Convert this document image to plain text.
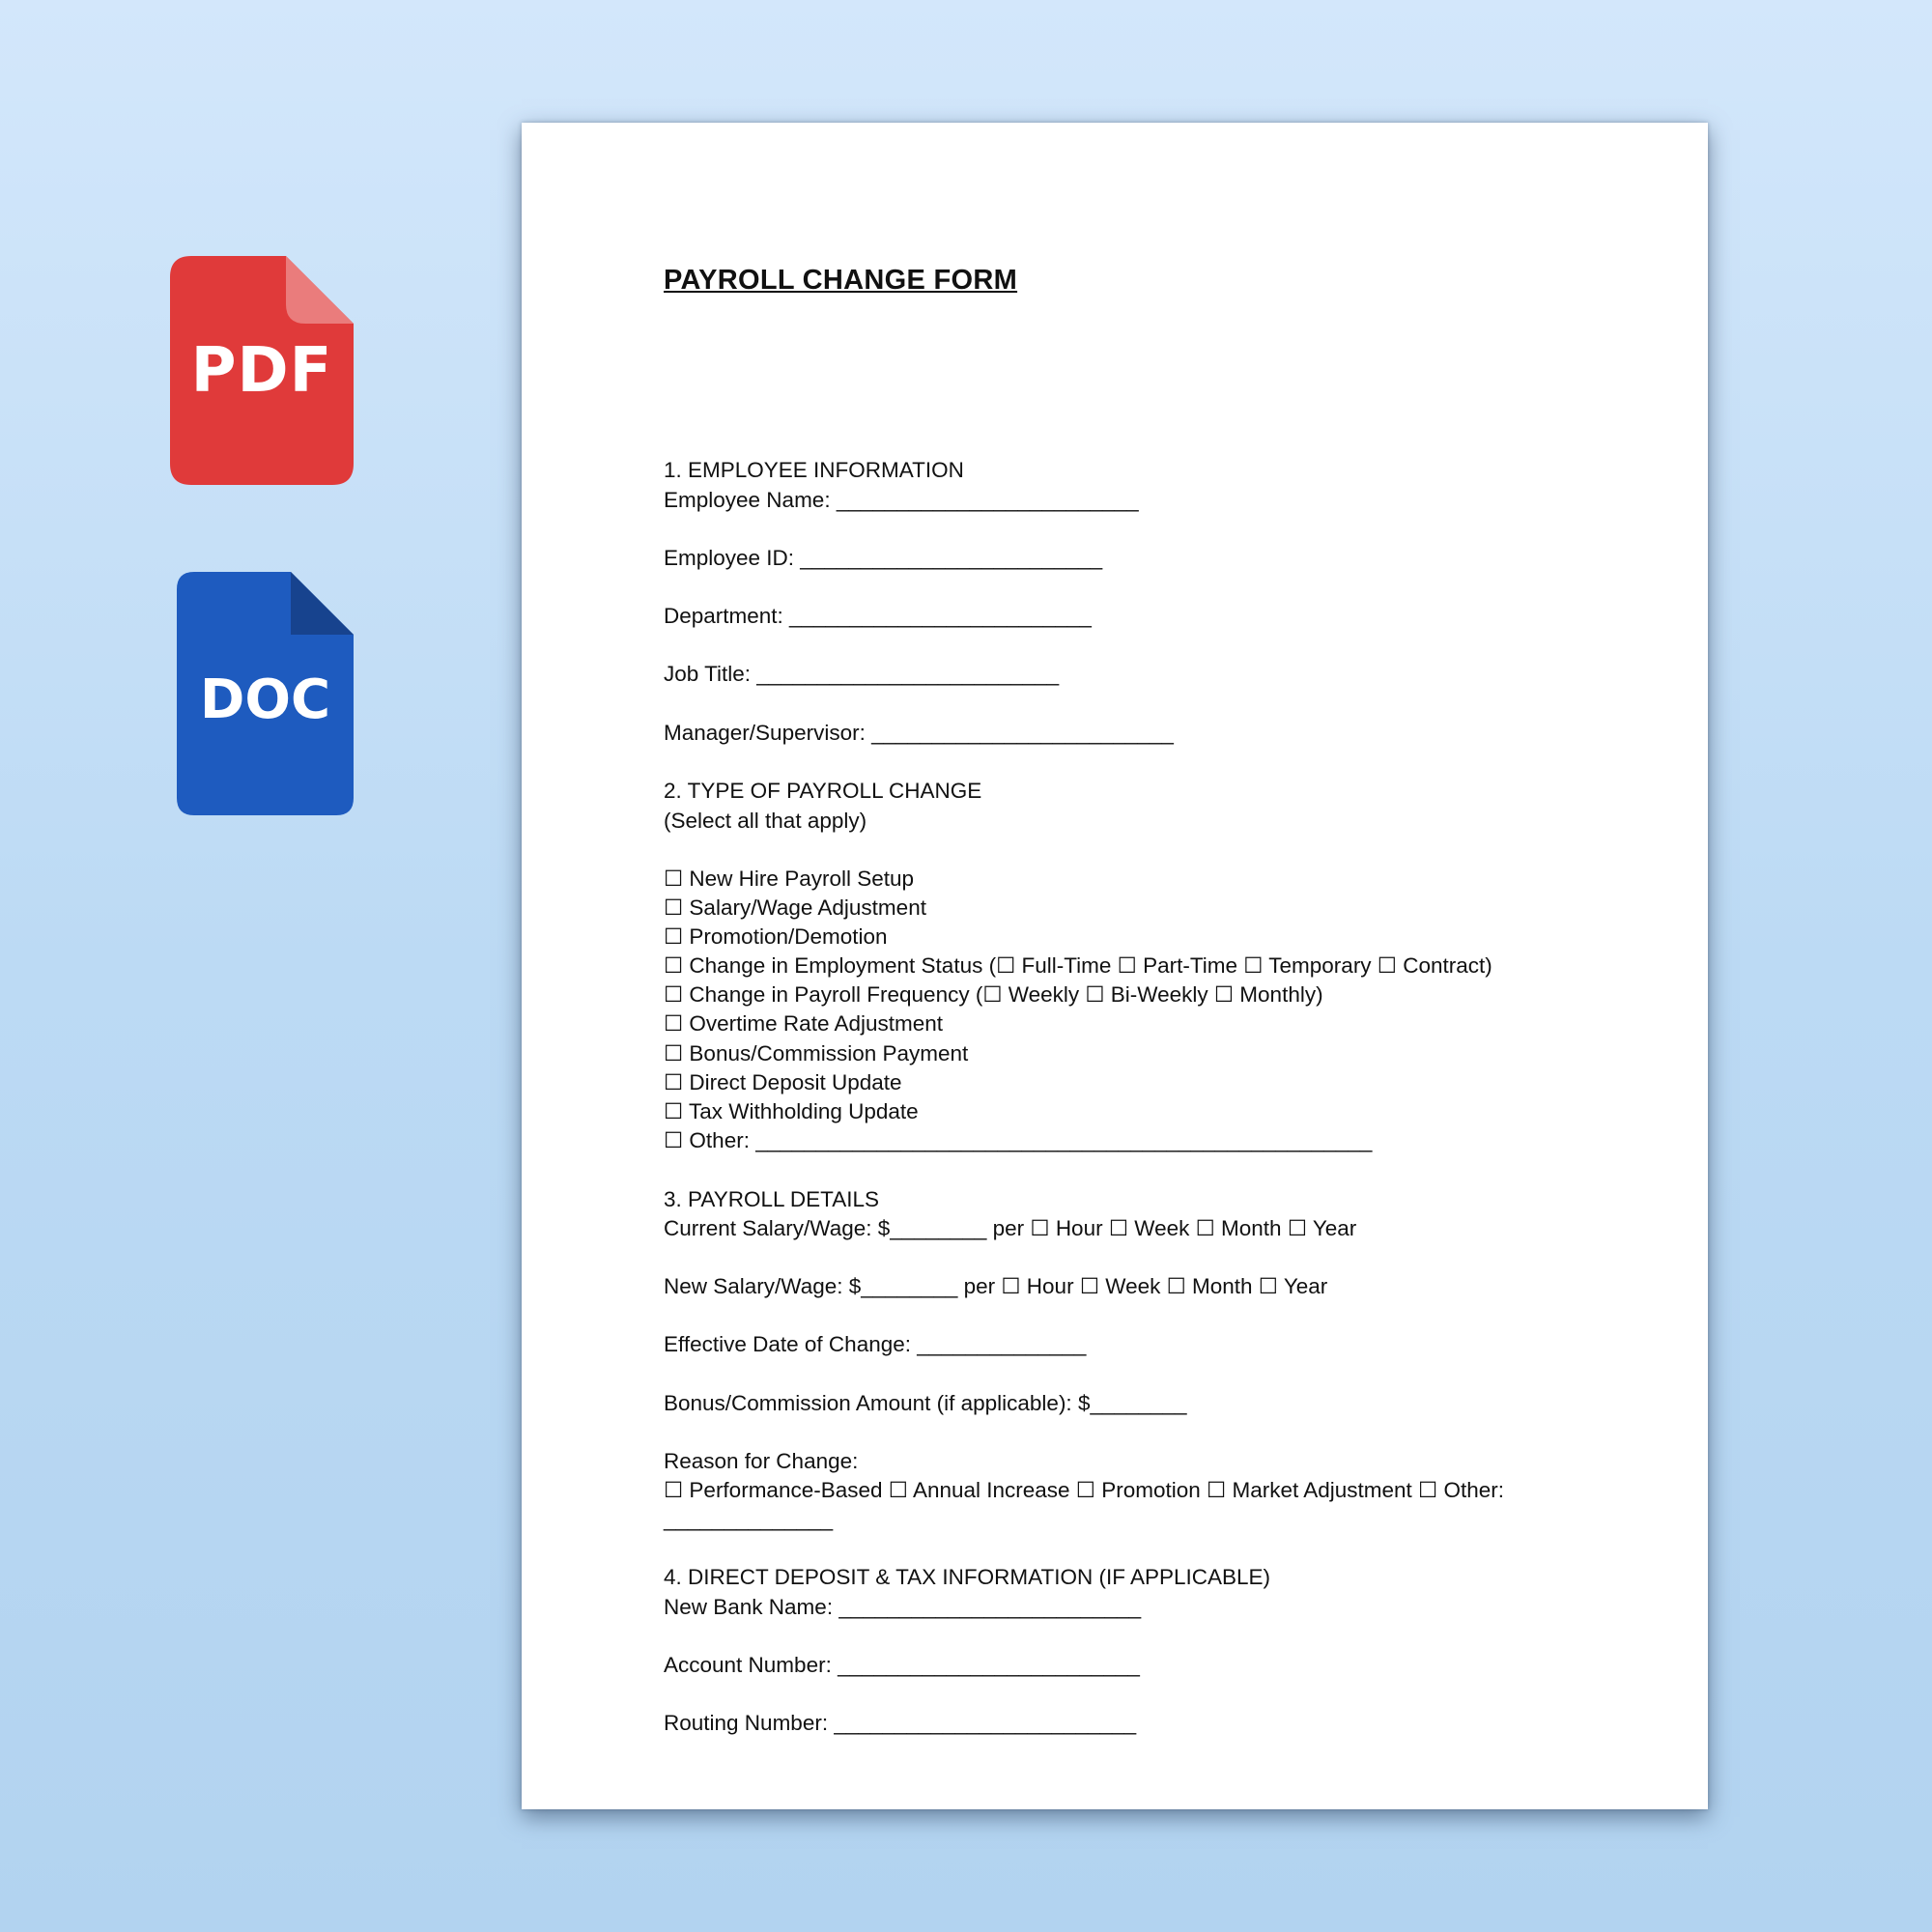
PDF
DOC
PAYROLL CHANGE FORM
1. EMPLOYEE INFORMATION
Employee Name: _________________________
Employee ID: _________________________
Department: _________________________
Job Title: _________________________
Manager/Supervisor: _________________________
2. TYPE OF PAYROLL CHANGE
(Select all that apply)
☐ New Hire Payroll Setup
☐ Salary/Wage Adjustment
☐ Promotion/Demotion
☐ Change in Employment Status (☐ Full-Time ☐ Part-Time ☐ Temporary ☐ Contract)
☐ Change in Payroll Frequency (☐ Weekly ☐ Bi-Weekly ☐ Monthly)
☐ Overtime Rate Adjustment
☐ Bonus/Commission Payment
☐ Direct Deposit Update
☐ Tax Withholding Update
☐ Other: ___________________________________________________
3. PAYROLL DETAILS
Current Salary/Wage: $________ per ☐ Hour ☐ Week ☐ Month ☐ Year
New Salary/Wage: $________ per ☐ Hour ☐ Week ☐ Month ☐ Year
Effective Date of Change: ______________
Bonus/Commission Amount (if applicable): $________
Reason for Change:
☐ Performance-Based ☐ Annual Increase ☐ Promotion ☐ Market Adjustment ☐ Other:
______________
4. DIRECT DEPOSIT & TAX INFORMATION (IF APPLICABLE)
New Bank Name: _________________________
Account Number: _________________________
Routing Number: _________________________
